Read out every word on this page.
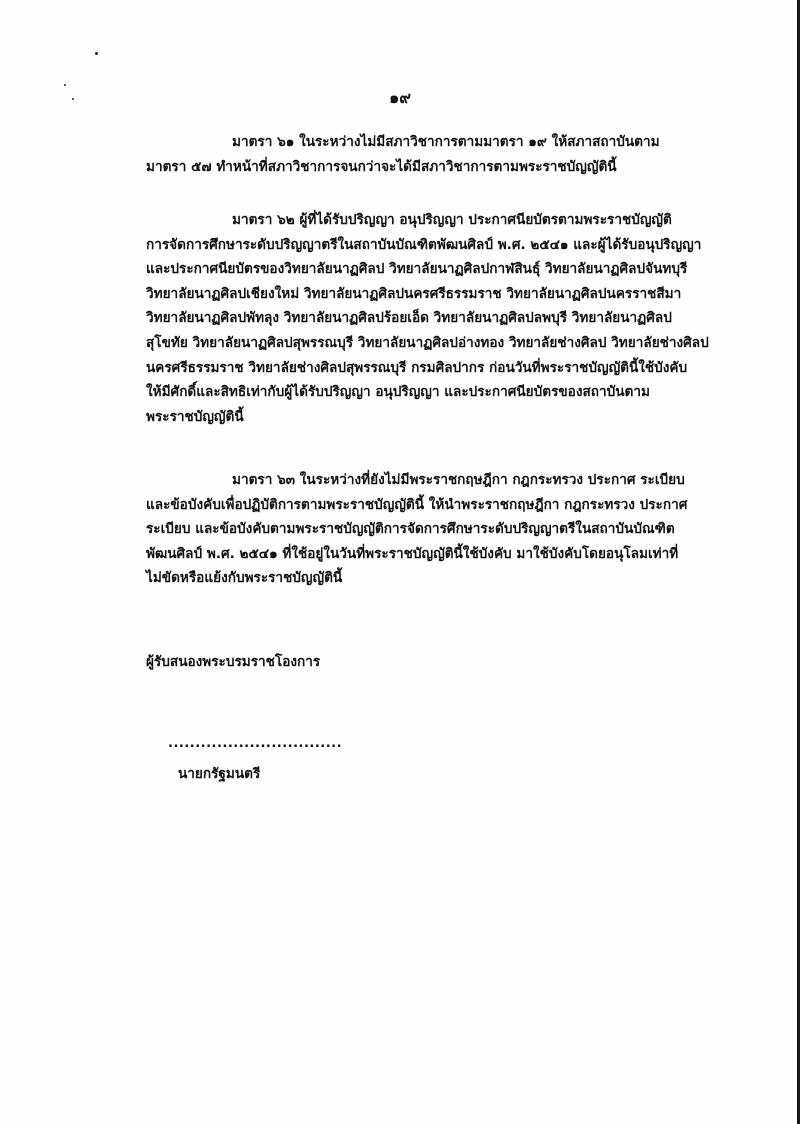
๑๙
มาตรา ๖๑ ในระหว่างไม่มีสภาวิชาการตามมาตรา ๑๙ ให้สภาสถาบันตาม
มาตรา ๕๗ ทำหน้าที่สภาวิชาการจนกว่าจะได้มีสภาวิชาการตามพระราชบัญญัตินี้
มาตรา ๖๒ ผู้ที่ได้รับปริญญา อนุปริญญา ประกาศนียบัตรตามพระราชบัญญัติ
การจัดการศึกษาระดับปริญญาตรีในสถาบันบัณฑิตพัฒนศิลป์ พ.ศ. ๒๕๔๑ และผู้ได้รับอนุปริญญา
และประกาศนียบัตรของวิทยาลัยนาฏศิลป วิทยาลัยนาฏศิลปกาฬสินธุ์ วิทยาลัยนาฏศิลปจันทบุรี
วิทยาลัยนาฏศิลปเชียงใหม่ วิทยาลัยนาฏศิลปนครศรีธรรมราช วิทยาลัยนาฏศิลปนครราชสีมา
วิทยาลัยนาฏศิลปพัทลุง วิทยาลัยนาฏศิลปร้อยเอ็ด วิทยาลัยนาฏศิลปลพบุรี วิทยาลัยนาฏศิลป
สุโขทัย วิทยาลัยนาฏศิลปสุพรรณบุรี วิทยาลัยนาฏศิลปอ่างทอง วิทยาลัยช่างศิลป วิทยาลัยช่างศิลป
นครศรีธรรมราช วิทยาลัยช่างศิลปสุพรรณบุรี กรมศิลปากร ก่อนวันที่พระราชบัญญัตินี้ใช้บังคับ
ให้มีศักดิ์และสิทธิเท่ากับผู้ได้รับปริญญา อนุปริญญา และประกาศนียบัตรของสถาบันตาม
พระราชบัญญัตินี้
มาตรา ๖๓ ในระหว่างที่ยังไม่มีพระราชกฤษฎีกา กฎกระทรวง ประกาศ ระเบียบ
และข้อบังคับเพื่อปฏิบัติการตามพระราชบัญญัตินี้ ให้นำพระราชกฤษฎีกา กฎกระทรวง ประกาศ
ระเบียบ และข้อบังคับตามพระราชบัญญัติการจัดการศึกษาระดับปริญญาตรีในสถาบันบัณฑิต
พัฒนศิลป์ พ.ศ. ๒๕๔๑ ที่ใช้อยู่ในวันที่พระราชบัญญัตินี้ใช้บังคับ มาใช้บังคับโดยอนุโลมเท่าที่
ไม่ขัดหรือแย้งกับพระราชบัญญัตินี้
ผู้รับสนองพระบรมราชโองการ
................................
นายกรัฐมนตรี
